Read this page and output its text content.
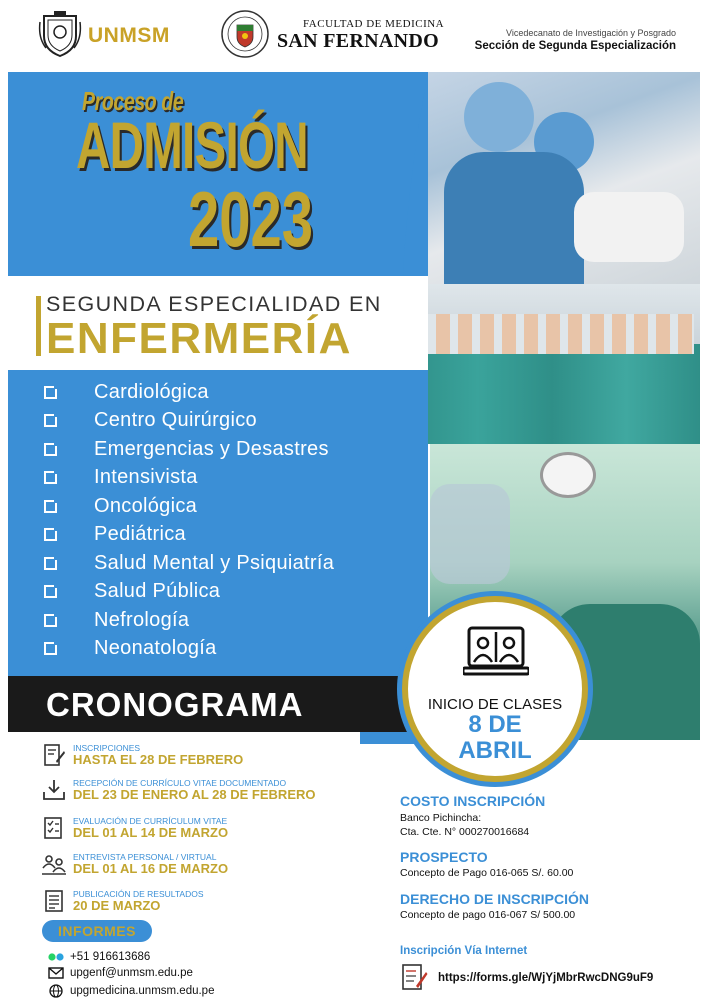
UNMSM	FACULTAD DE MEDICINA
SAN FERNANDO	Vicedecanato de Investigación y Posgrado
Sección de Segunda Especialización
Proceso de
ADMISIÓN
2023
SEGUNDA ESPECIALIDAD EN
ENFERMERÍA
Cardiológica
Centro Quirúrgico
Emergencias y Desastres
Intensivista
Oncológica
Pediátrica
Salud Mental y Psiquiatría
Salud Pública
Nefrología
Neonatología
CRONOGRAMA	INICIO DE CLASES
8 DE
ABRIL
INSCRIPCIONES
HASTA EL 28 DE FEBRERO
RECEPCIÓN DE CURRÍCULO VITAE DOCUMENTADO
DEL 23 DE ENERO AL 28 DE FEBRERO
EVALUACIÓN DE CURRÍCULUM VITAE
DEL 01 AL 14 DE MARZO
ENTREVISTA PERSONAL / VIRTUAL
DEL 01 AL 16 DE MARZO
PUBLICACIÓN DE RESULTADOS
20 DE MARZO
INFORMES
+51 916613686
upgenf@unmsm.edu.pe
upgmedicina.unmsm.edu.pe
COSTO INSCRIPCIÓN
Banco Pichincha:
Cta. Cte. N° 000270016684
PROSPECTO
Concepto de Pago 016-065 S/. 60.00
DERECHO DE INSCRIPCIÓN
Concepto de pago 016-067 S/ 500.00
Inscripción Vía Internet
https://forms.gle/WjYjMbrRwcDNG9uF9
